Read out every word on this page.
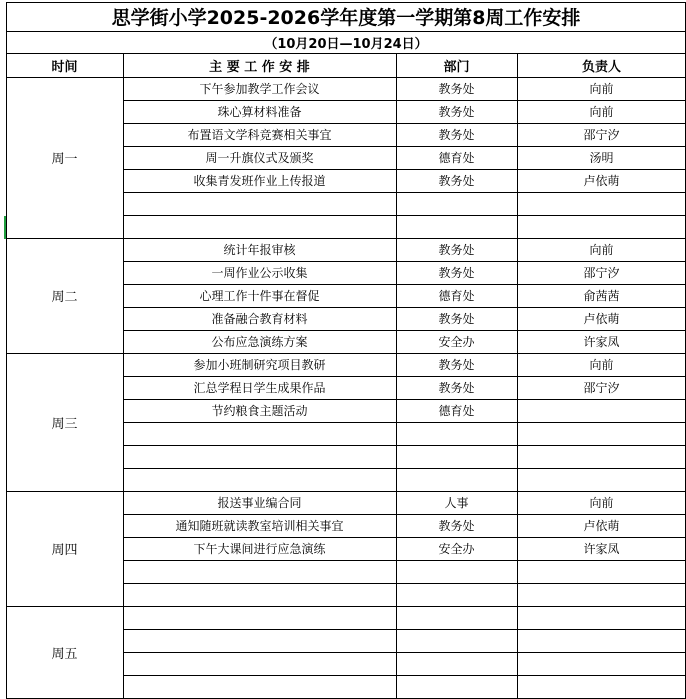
思学街小学2025-2026学年度第一学期第8周工作安排
（10月20日—10月24日）
时间	主 要 工 作 安 排	部门	负责人
周一
下午参加教学工作会议	教务处	向前
珠心算材料准备	教务处	向前
布置语文学科竞赛相关事宜	教务处	邵宁汐
周一升旗仪式及颁奖	德育处	汤明
收集青发班作业上传报道	教务处	卢依萌
周二
统计年报审核	教务处	向前
一周作业公示收集	教务处	邵宁汐
心理工作十件事在督促	德育处	俞茜茜
准备融合教育材料	教务处	卢依萌
公布应急演练方案	安全办	许家凤
周三
参加小班制研究项目教研	教务处	向前
汇总学程日学生成果作品	教务处	邵宁汐
节约粮食主题活动	德育处
周四
报送事业编合同	人事	向前
通知随班就读教室培训相关事宜	教务处	卢依萌
下午大课间进行应急演练	安全办	许家凤
周五
